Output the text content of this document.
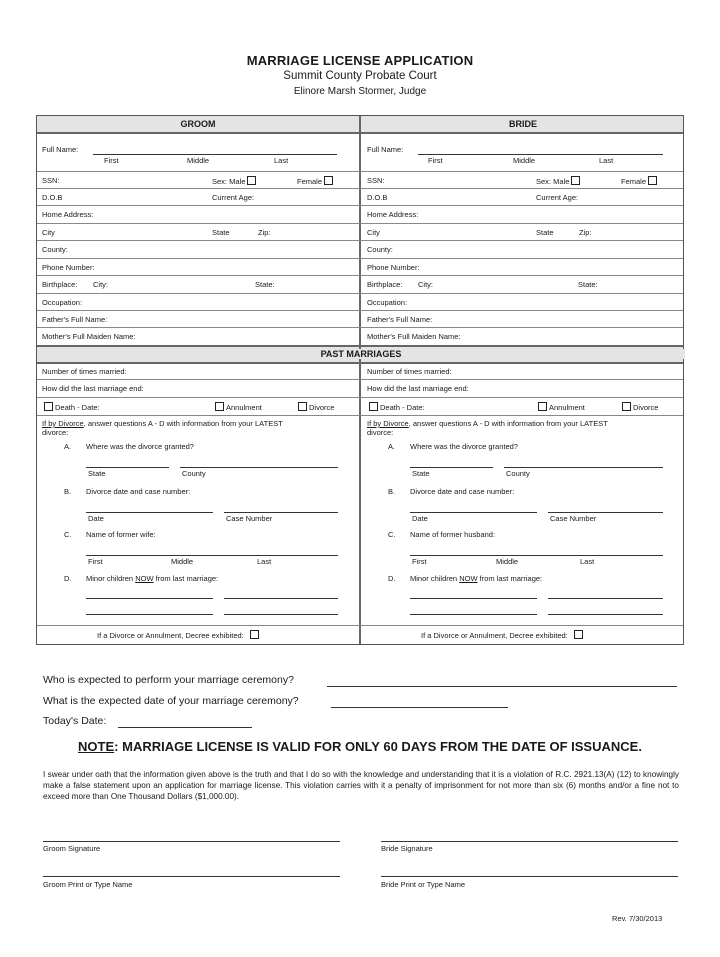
MARRIAGE LICENSE APPLICATION
Summit County Probate Court
Elinore Marsh Stormer, Judge
GROOM	BRIDE
PAST MARRIAGES
Full Name:
First	Middle	Last
SSN:	Sex: Male	Female
D.O.B	Current Age:
Home Address:
City	State	Zip:
County:
Phone Number:
Birthplace: City:	State:
Occupation:
Father's Full Name:
Mother's Full Maiden Name:
Number of times married:
How did the last marriage end:
Death - Date:	Annulment	Divorce
If by Divorce, answer questions A - D with information from your LATEST
divorce:
A. Where was the divorce granted?
State	County
B. Divorce date and case number:
Date	Case Number
C. Name of former wife:
First	Middle	Last
D. Minor children NOW from last marriage:
If a Divorce or Annulment, Decree exhibited:
Full Name:
First	Middle	Last
SSN:	Sex: Male	Female
D.O.B	Current Age:
Home Address:
City	State	Zip:
County:
Phone Number:
Birthplace: City:	State:
Occupation:
Father's Full Name:
Mother's Full Maiden Name:
Number of times married:
How did the last marriage end:
Death - Date:	Annulment	Divorce
If by Divorce, answer questions A - D with information from your LATEST
divorce:
A. Where was the divorce granted?
State	County
B. Divorce date and case number:
Date	Case Number
C. Name of former husband:
First	Middle	Last
D. Minor children NOW from last marriage:
If a Divorce or Annulment, Decree exhibited:
Who is expected to perform your marriage ceremony?
What is the expected date of your marriage ceremony?
Today's Date:
NOTE: MARRIAGE LICENSE IS VALID FOR ONLY 60 DAYS FROM THE DATE OF ISSUANCE.
I swear under oath that the information given above is the truth and that I do so with the knowledge and understanding that it is a violation of R.C. 2921.13(A) (12) to knowingly make a false statement upon an application for marriage license. This violation carries with it a penalty of imprisonment for not more than six (6) months and/or a fine not to exceed more than One Thousand Dollars ($1,000.00).
Groom Signature	Bride Signature
Groom Print or Type Name	Bride Print or Type Name
Rev. 7/30/2013
